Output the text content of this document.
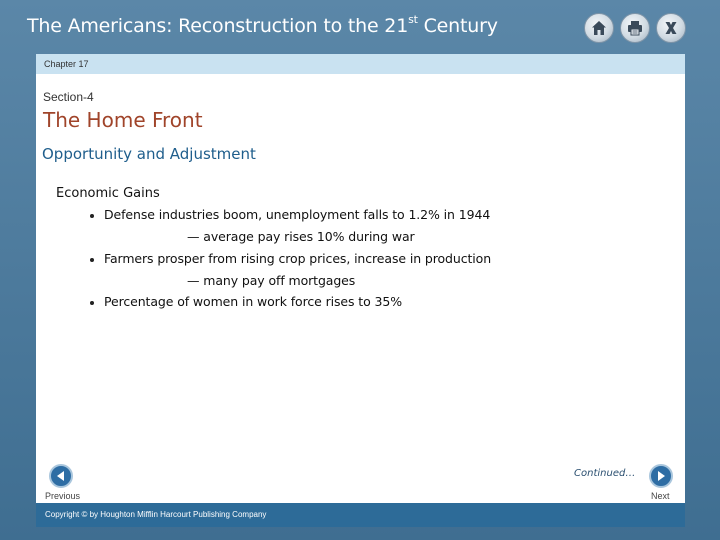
The Americans: Reconstruction to the 21st Century
Chapter 17
Section-4
The Home Front
Opportunity and Adjustment
Economic Gains
Defense industries boom, unemployment falls to 1.2% in 1944
— average pay rises 10% during war
Farmers prosper from rising crop prices, increase in production
— many pay off mortgages
Percentage of women in work force rises to 35%
Continued…
Previous	Next
Copyright © by Houghton Mifflin Harcourt Publishing Company
